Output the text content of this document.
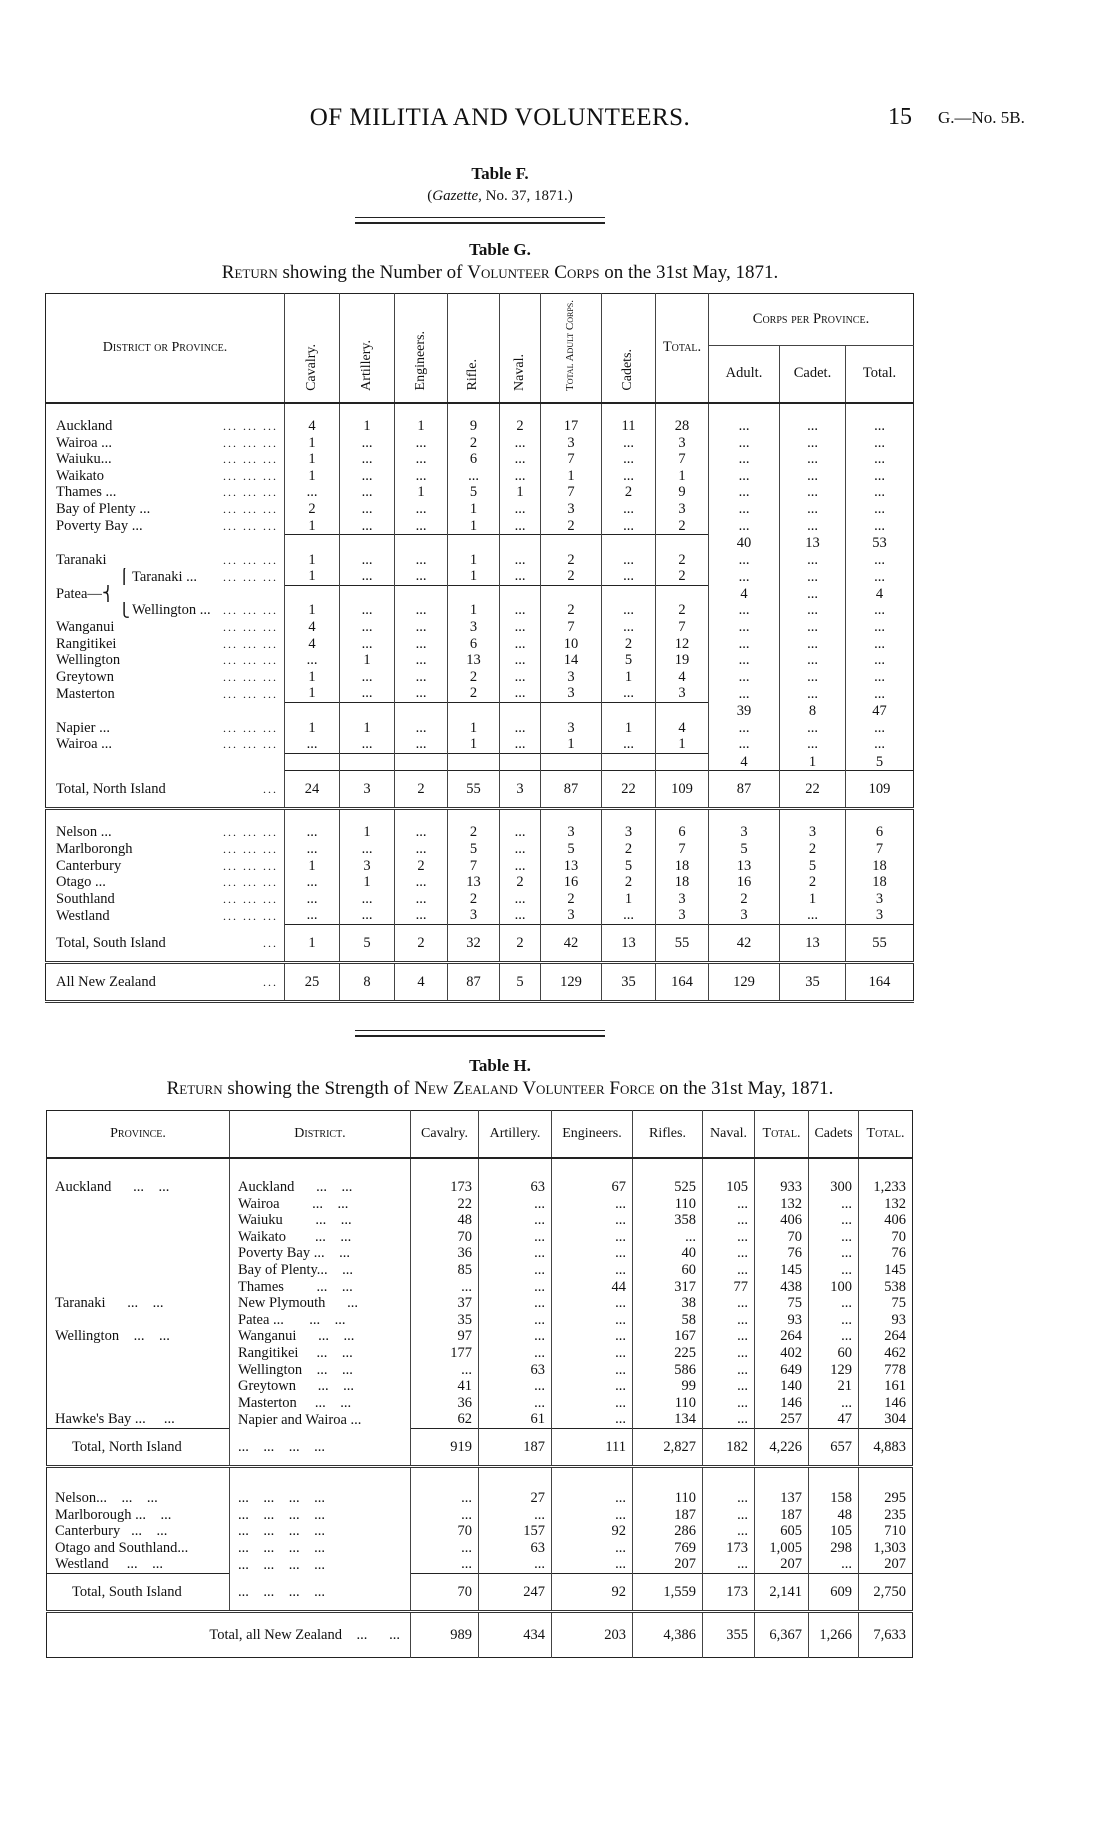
OF MILITIA AND VOLUNTEERS.	15 G.—No. 5B.
Table F.
(Gazette, No. 37, 1871.)
Table G.
Return showing the Number of Volunteer Corps on the 31st May, 1871.
District or Province.	Cavalry.	Artillery.	Engineers.	Rifle.	Naval.	Total Adult Corps.	Cadets.	Total.	Corps per Province.		
									Adult.	Cadet.	Total.

Auckland ... ... ...	4	1	1	9	2	17	11	28	...	...	...

Wairoa ... ... ... ...	1	...	...	2	...	3	...	3	...	...	...

Waiuku... ... ... ...	1	...	...	6	...	7	...	7	...	...	...

Waikato ... ... ...	1	...	...	...	...	1	...	1	...	...	...

Thames ... ... ... ...	...	...	1	5	1	7	2	9	...	...	...

Bay of Plenty ... ... ... ...	2	...	...	1	...	3	...	3	...	...	...

Poverty Bay ... ... ... ...	1	...	...	1	...	2	...	2	...	...	...

									40	13	53

Taranaki ... ... ...	1	...	...	1	...	2	...	2	...	...	...

⎧ Taranaki ... ... ... ...	1	...	...	1	...	2	...	2	...	...	...

Patea—⎨									4	...	4

⎩ Wellington ... ... ... ...	1	...	...	1	...	2	...	2	...	...	...

Wanganui ... ... ...	4	...	...	3	...	7	...	7	...	...	...

Rangitikei ... ... ...	4	...	...	6	...	10	2	12	...	...	...

Wellington ... ... ...	...	1	...	13	...	14	5	19	...	...	...

Greytown ... ... ...	1	...	...	2	...	3	1	4	...	...	...

Masterton ... ... ...	1	...	...	2	...	3	...	3	...	...	...

									39	8	47

Napier ... ... ... ...	1	1	...	1	...	3	1	4	...	...	...

Wairoa ... ... ... ...	...	...	...	1	...	1	...	1	...	...	...

									4	1	5

Total, North Island ...	24	3	2	55	3	87	22	109	87	22	109

Nelson ... ... ... ...	...	1	...	2	...	3	3	6	3	3	6

Marlborongh ... ... ...	...	...	...	5	...	5	2	7	5	2	7

Canterbury ... ... ...	1	3	2	7	...	13	5	18	13	5	18

Otago ... ... ... ...	...	1	...	13	2	16	2	18	16	2	18

Southland ... ... ...	...	...	...	2	...	2	1	3	2	1	3

Westland ... ... ...	...	...	...	3	...	3	...	3	3	...	3

Total, South Island ...	1	5	2	32	2	42	13	55	42	13	55

All New Zealand ...	25	8	4	87	5	129	35	164	129	35	164
Table H.
Return showing the Strength of New Zealand Volunteer Force on the 31st May, 1871.
Province.	District.	Cavalry.	Artillery.	Engineers.	Rifles.	Naval.	Total.	Cadets	Total.

Auckland      ...    ...	Auckland      ...    ...	173	63	67	525	105	933	300	1,233
	Wairoa         ...    ...	22	...	...	110	...	132	...	132
	Waiuku         ...    ...	48	...	...	358	...	406	...	406
	Waikato        ...    ...	70	...	...	...	...	70	...	70
	Poverty Bay ...    ...	36	...	...	40	...	76	...	76
	Bay of Plenty...    ...	85	...	...	60	...	145	...	145
	Thames         ...    ...	...	...	44	317	77	438	100	538
Taranaki      ...    ...	New Plymouth      ...	37	...	...	38	...	75	...	75
	Patea ...       ...    ...	35	...	...	58	...	93	...	93
Wellington    ...    ...	Wanganui      ...    ...	97	...	...	167	...	264	...	264
	Rangitikei     ...    ...	177	...	...	225	...	402	60	462
	Wellington    ...    ...	...	63	...	586	...	649	129	778
	Greytown      ...    ...	41	...	...	99	...	140	21	161
	Masterton     ...    ...	36	...	...	110	...	146	...	146
Hawke's Bay ...     ...	Napier and Wairoa ...	62	61	...	134	...	257	47	304
Total, North Island	...    ...    ...    ...	919	187	111	2,827	182	4,226	657	4,883

Nelson...    ...    ...	...    ...    ...    ...	...	27	...	110	...	137	158	295
Marlborough ...    ...	...    ...    ...    ...	...	...	...	187	...	187	48	235
Canterbury   ...    ...	...    ...    ...    ...	70	157	92	286	...	605	105	710
Otago and Southland...	...    ...    ...    ...	...	63	...	769	173	1,005	298	1,303
Westland     ...    ...	...    ...    ...    ...	...	...	...	207	...	207	...	207
Total, South Island	...    ...    ...    ...	70	247	92	1,559	173	2,141	609	2,750
Total, all New Zealand    ...      ...		989	434	203	4,386	355	6,367	1,266	7,633
